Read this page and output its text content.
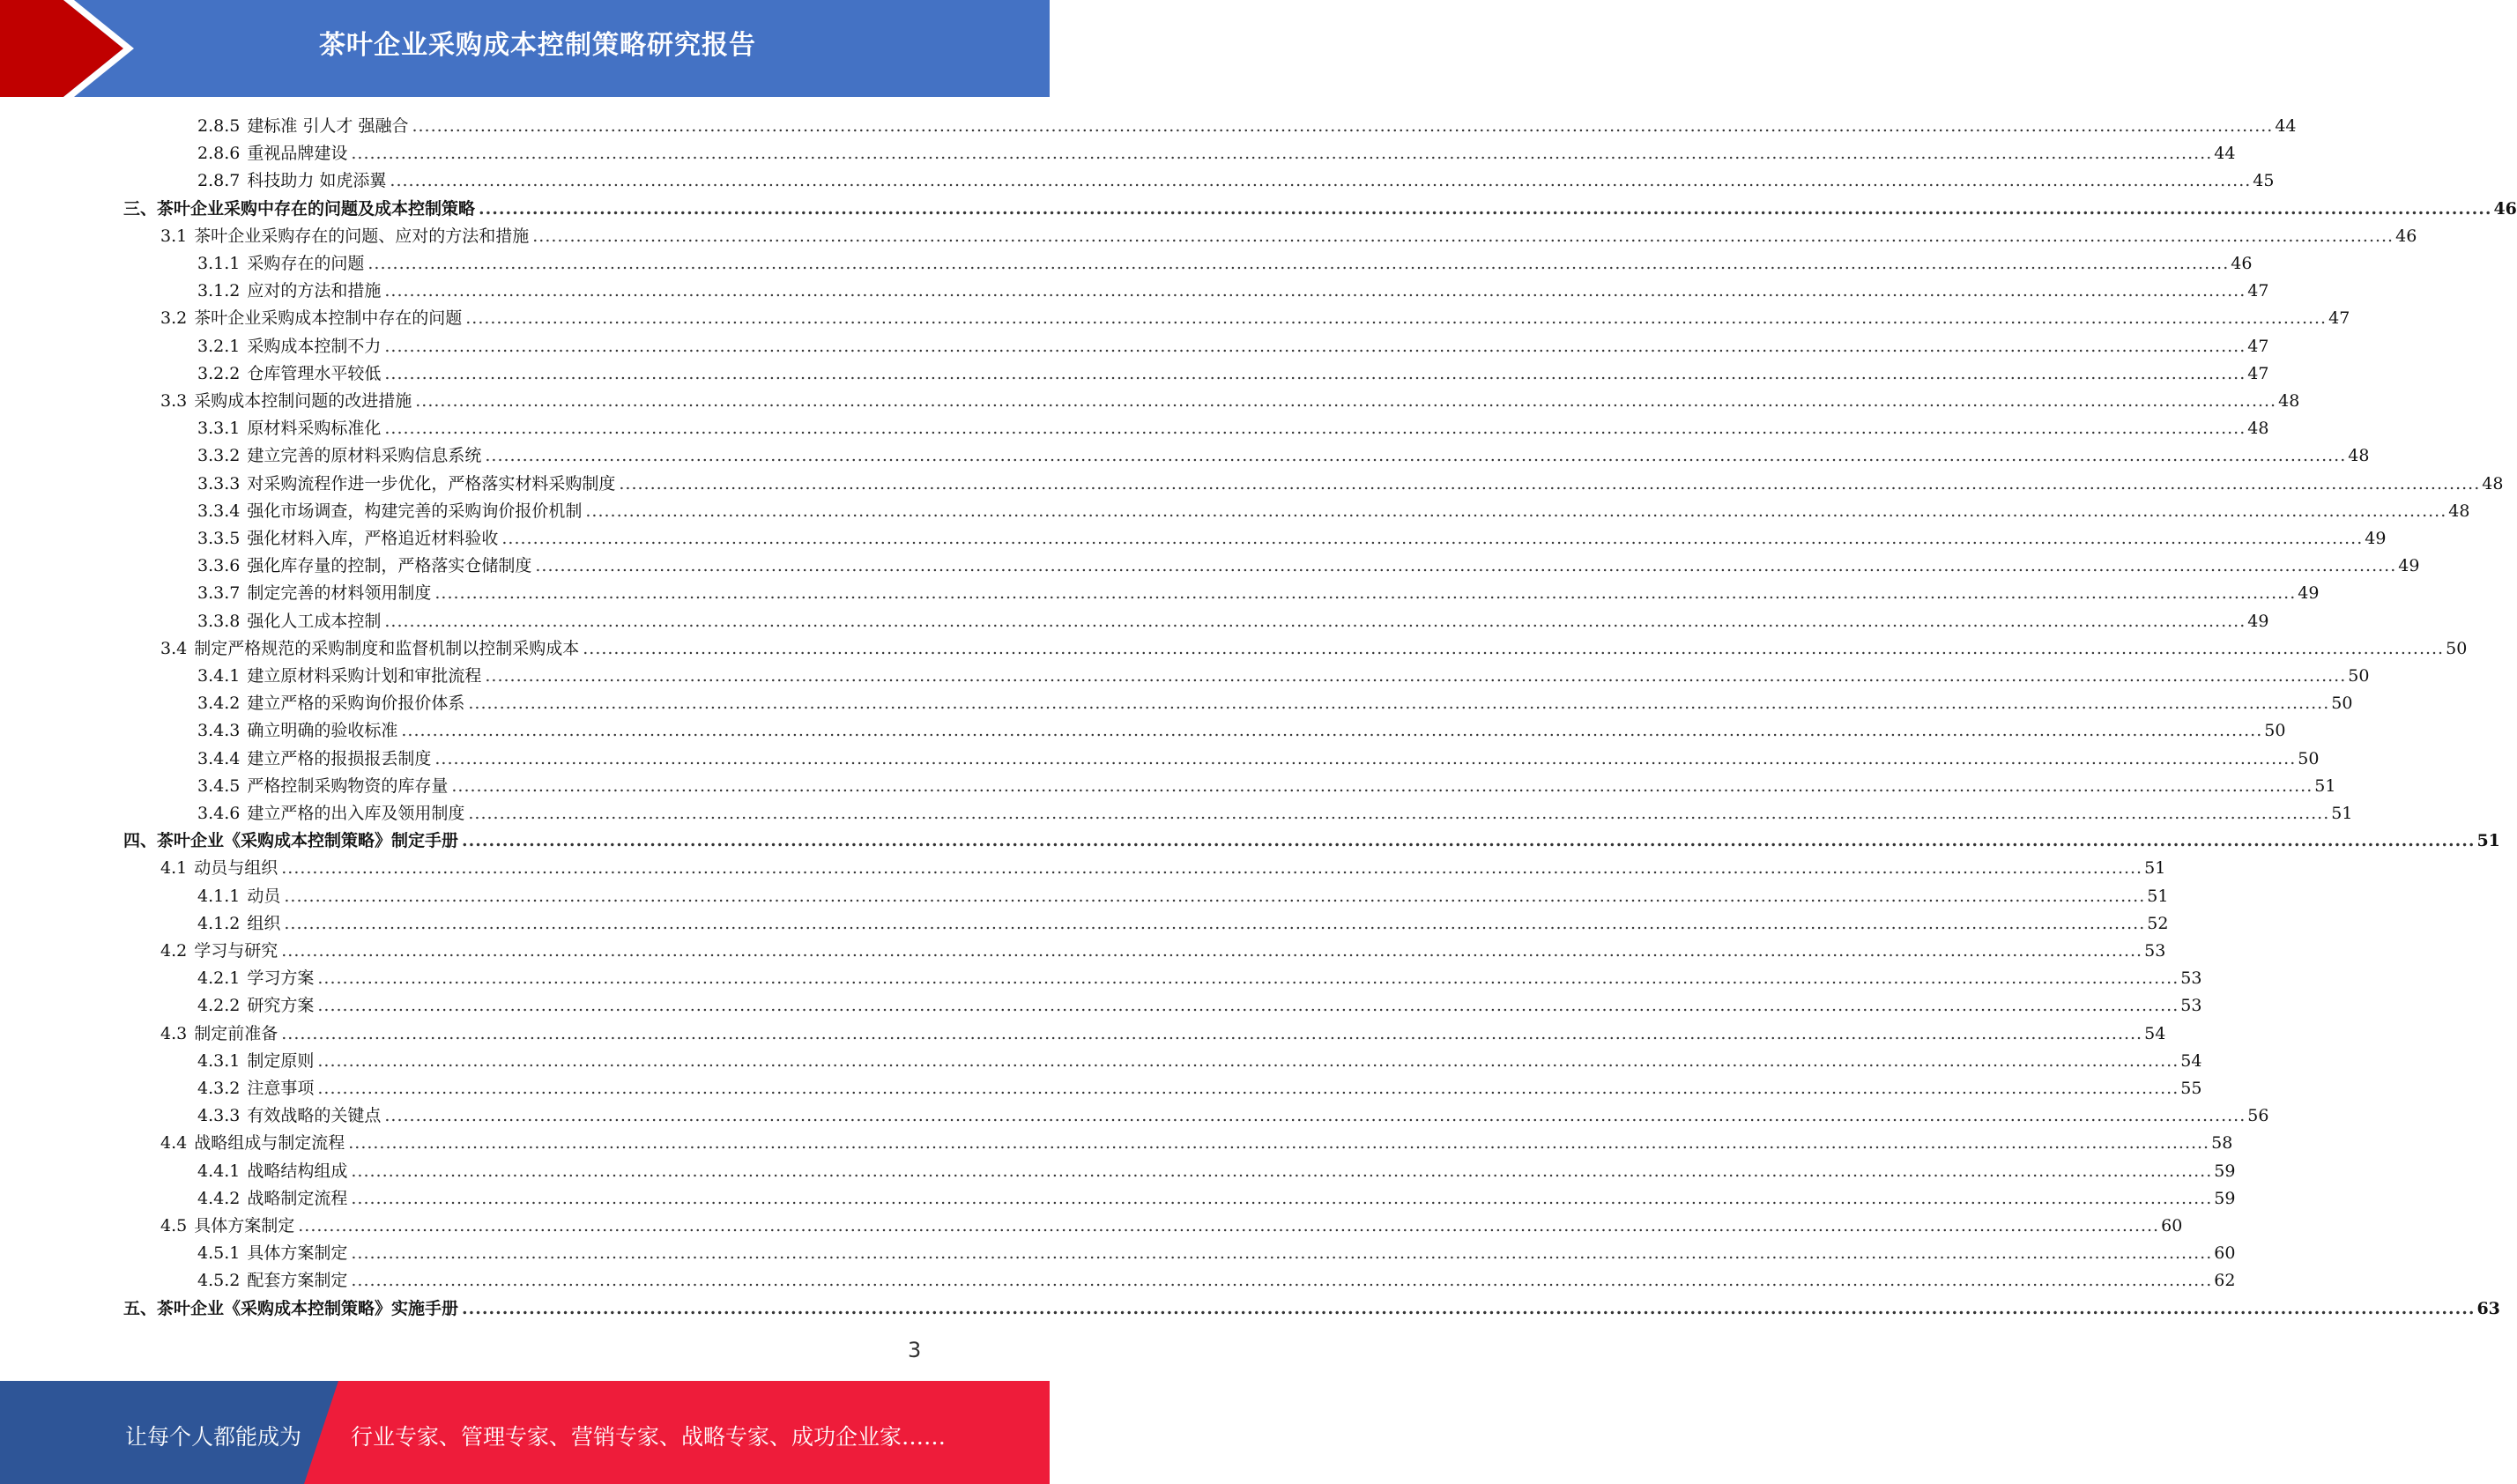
茶叶企业采购成本控制策略研究报告
2.8.5 建标准 引人才 强融合 ............................................................................................................................................................................................................................................................................................................ 44
2.8.6 重视品牌建设 ............................................................................................................................................................................................................................................................................................................ 44
2.8.7 科技助力 如虎添翼 ............................................................................................................................................................................................................................................................................................................ 45
三、茶叶企业采购中存在的问题及成本控制策略 ............................................................................................................................................................................................................................................................................................................ 46
3.1 茶叶企业采购存在的问题、应对的方法和措施 ............................................................................................................................................................................................................................................................................................................ 46
3.1.1 采购存在的问题 ............................................................................................................................................................................................................................................................................................................ 46
3.1.2 应对的方法和措施 ............................................................................................................................................................................................................................................................................................................ 47
3.2 茶叶企业采购成本控制中存在的问题 ............................................................................................................................................................................................................................................................................................................ 47
3.2.1 采购成本控制不力 ............................................................................................................................................................................................................................................................................................................ 47
3.2.2 仓库管理水平较低 ............................................................................................................................................................................................................................................................................................................ 47
3.3 采购成本控制问题的改进措施 ............................................................................................................................................................................................................................................................................................................ 48
3.3.1 原材料采购标准化 ............................................................................................................................................................................................................................................................................................................ 48
3.3.2 建立完善的原材料采购信息系统 ............................................................................................................................................................................................................................................................................................................ 48
3.3.3 对采购流程作进一步优化，严格落实材料采购制度 ............................................................................................................................................................................................................................................................................................................ 48
3.3.4 强化市场调查，构建完善的采购询价报价机制 ............................................................................................................................................................................................................................................................................................................ 48
3.3.5 强化材料入库，严格追近材料验收 ............................................................................................................................................................................................................................................................................................................ 49
3.3.6 强化库存量的控制，严格落实仓储制度 ............................................................................................................................................................................................................................................................................................................ 49
3.3.7 制定完善的材料领用制度 ............................................................................................................................................................................................................................................................................................................ 49
3.3.8 强化人工成本控制 ............................................................................................................................................................................................................................................................................................................ 49
3.4 制定严格规范的采购制度和监督机制以控制采购成本 ............................................................................................................................................................................................................................................................................................................ 50
3.4.1 建立原材料采购计划和审批流程 ............................................................................................................................................................................................................................................................................................................ 50
3.4.2 建立严格的采购询价报价体系 ............................................................................................................................................................................................................................................................................................................ 50
3.4.3 确立明确的验收标准 ............................................................................................................................................................................................................................................................................................................ 50
3.4.4 建立严格的报损报丢制度 ............................................................................................................................................................................................................................................................................................................ 50
3.4.5 严格控制采购物资的库存量 ............................................................................................................................................................................................................................................................................................................ 51
3.4.6 建立严格的出入库及领用制度 ............................................................................................................................................................................................................................................................................................................ 51
四、茶叶企业《采购成本控制策略》制定手册 ............................................................................................................................................................................................................................................................................................................ 51
4.1 动员与组织 ............................................................................................................................................................................................................................................................................................................ 51
4.1.1 动员 ............................................................................................................................................................................................................................................................................................................ 51
4.1.2 组织 ............................................................................................................................................................................................................................................................................................................ 52
4.2 学习与研究 ............................................................................................................................................................................................................................................................................................................ 53
4.2.1 学习方案 ............................................................................................................................................................................................................................................................................................................ 53
4.2.2 研究方案 ............................................................................................................................................................................................................................................................................................................ 53
4.3 制定前准备 ............................................................................................................................................................................................................................................................................................................ 54
4.3.1 制定原则 ............................................................................................................................................................................................................................................................................................................ 54
4.3.2 注意事项 ............................................................................................................................................................................................................................................................................................................ 55
4.3.3 有效战略的关键点 ............................................................................................................................................................................................................................................................................................................ 56
4.4 战略组成与制定流程 ............................................................................................................................................................................................................................................................................................................ 58
4.4.1 战略结构组成 ............................................................................................................................................................................................................................................................................................................ 59
4.4.2 战略制定流程 ............................................................................................................................................................................................................................................................................................................ 59
4.5 具体方案制定 ............................................................................................................................................................................................................................................................................................................ 60
4.5.1 具体方案制定 ............................................................................................................................................................................................................................................................................................................ 60
4.5.2 配套方案制定 ............................................................................................................................................................................................................................................................................................................ 62
五、茶叶企业《采购成本控制策略》实施手册 ............................................................................................................................................................................................................................................................................................................ 63
3
让每个人都能成为 行业专家、管理专家、营销专家、战略专家、成功企业家……
